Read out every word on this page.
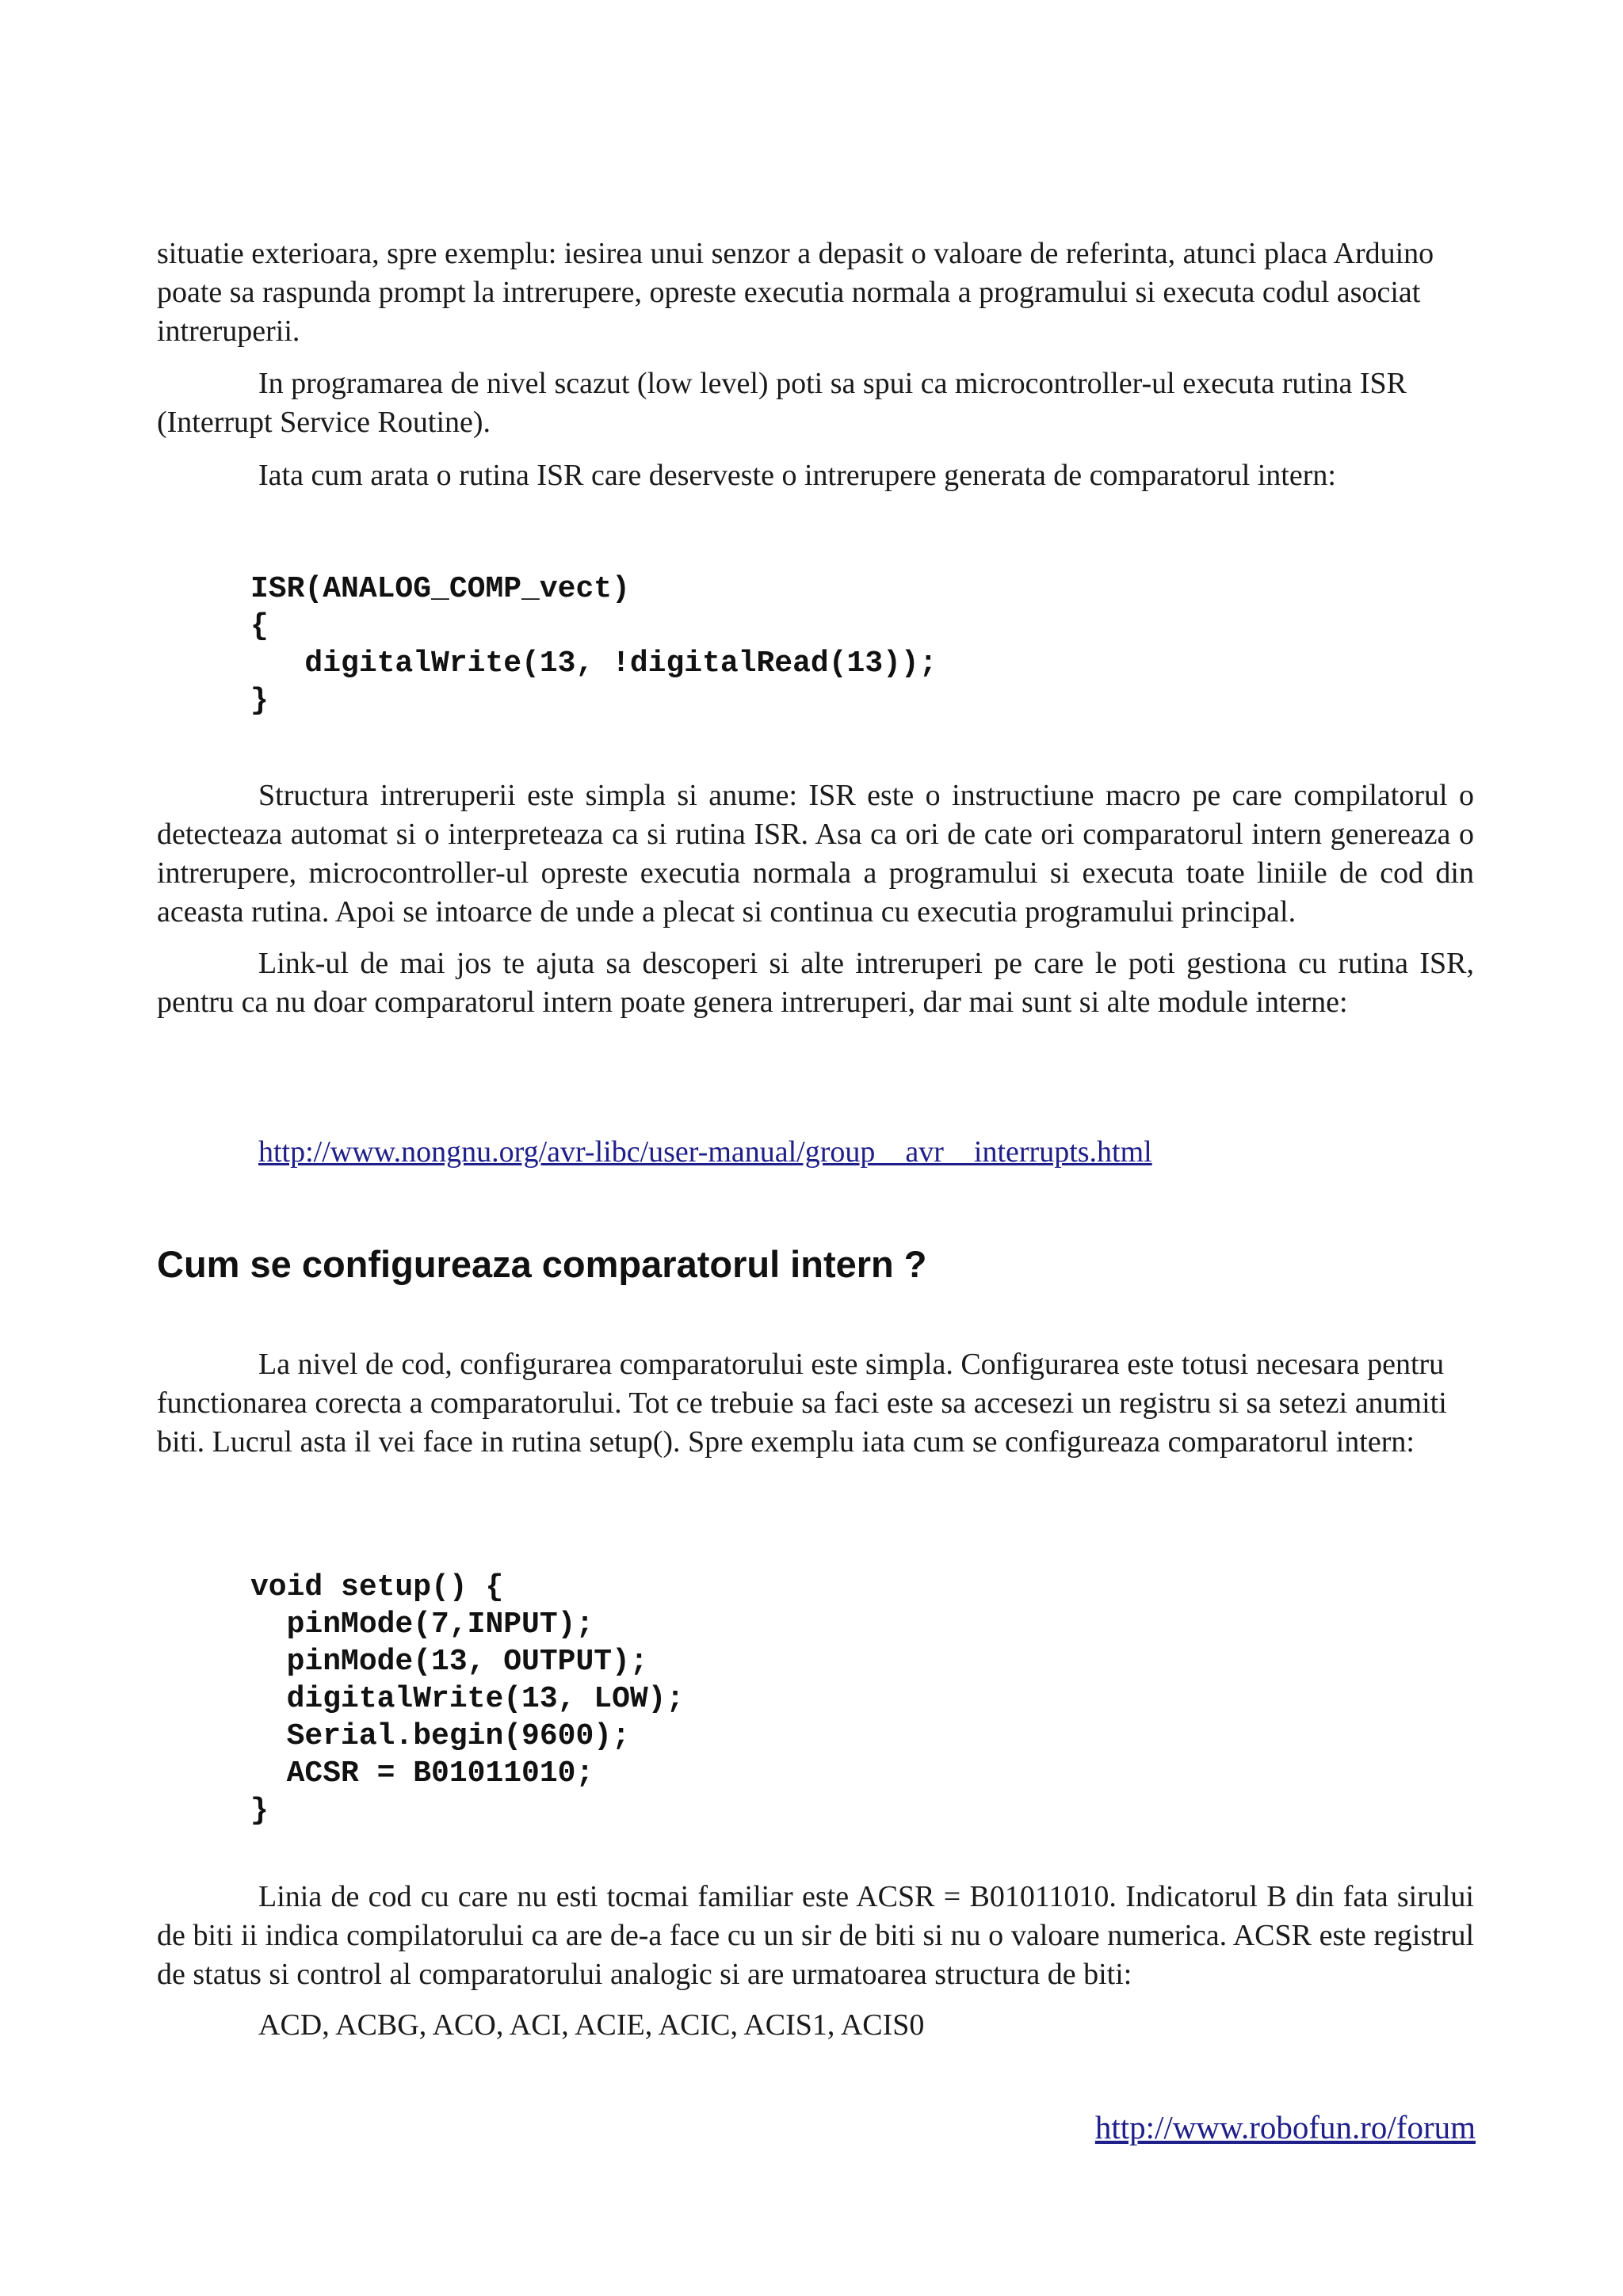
situatie exterioara, spre exemplu: iesirea unui senzor a depasit o valoare de referinta, atunci placa Arduino poate sa raspunda prompt la intrerupere, opreste executia normala a programului si executa codul asociat intreruperii.

In programarea de nivel scazut (low level) poti sa spui ca microcontroller-ul executa rutina ISR (Interrupt Service Routine).

Iata cum arata o rutina ISR care deserveste o intrerupere generata de comparatorul intern:

ISR(ANALOG_COMP_vect)
{
digitalWrite(13, !digitalRead(13));
}

Structura intreruperii este simpla si anume: ISR este o instructiune macro pe care compilatorul o detecteaza automat si o interpreteaza ca si rutina ISR. Asa ca ori de cate ori comparatorul intern genereaza o intrerupere, microcontroller-ul opreste executia normala a programului si executa toate liniile de cod din aceasta rutina. Apoi se intoarce de unde a plecat si continua cu executia programului principal.

Link-ul de mai jos te ajuta sa descoperi si alte intreruperi pe care le poti gestiona cu rutina ISR, pentru ca nu doar comparatorul intern poate genera intreruperi, dar mai sunt si alte module interne:

http://www.nongnu.org/avr-libc/user-manual/group__avr__interrupts.html

Cum se configureaza comparatorul intern ?

La nivel de cod, configurarea comparatorului este simpla. Configurarea este totusi necesara pentru functionarea corecta a comparatorului. Tot ce trebuie sa faci este sa accesezi un registru si sa setezi anumiti biti. Lucrul asta il vei face in rutina setup(). Spre exemplu iata cum se configureaza comparatorul intern:

void setup() {
pinMode(7,INPUT);
pinMode(13, OUTPUT);
digitalWrite(13, LOW);
Serial.begin(9600);
ACSR = B01011010;
}

Linia de cod cu care nu esti tocmai familiar este ACSR = B01011010. Indicatorul B din fata sirului de biti ii indica compilatorului ca are de-a face cu un sir de biti si nu o valoare numerica. ACSR este registrul de status si control al comparatorului analogic si are urmatoarea structura de biti:

ACD, ACBG, ACO, ACI, ACIE, ACIC, ACIS1, ACIS0

http://www.robofun.ro/forum
